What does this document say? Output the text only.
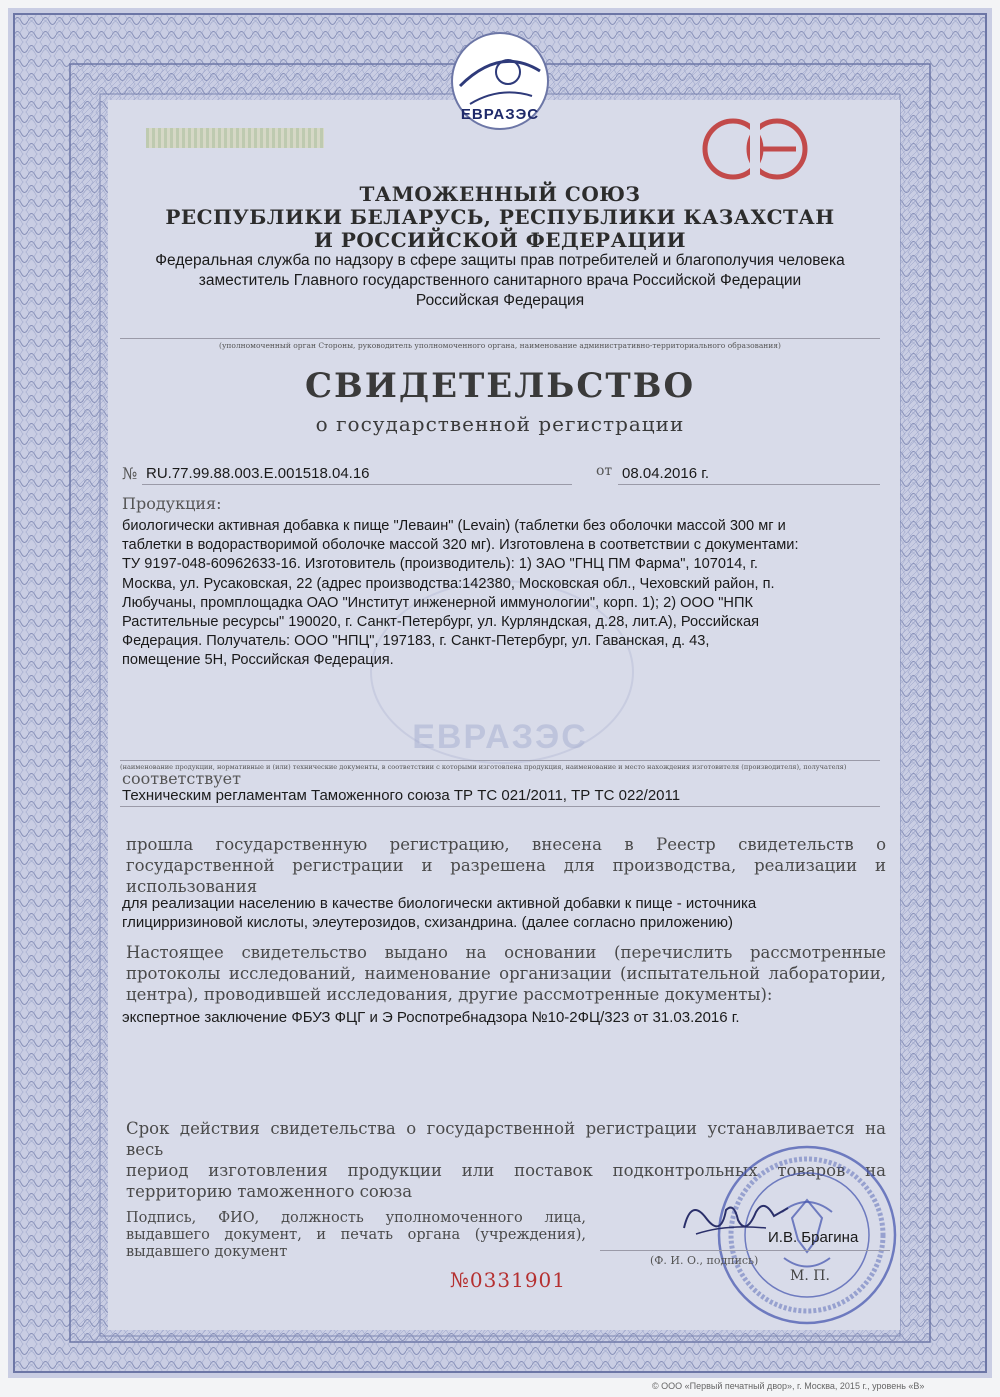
ЕВРАЗЭС
ТАМОЖЕННЫЙ СОЮЗ
РЕСПУБЛИКИ БЕЛАРУСЬ, РЕСПУБЛИКИ КАЗАХСТАН
И РОССИЙСКОЙ ФЕДЕРАЦИИ
Федеральная служба по надзору в сфере защиты прав потребителей и благополучия человека
заместитель Главного государственного санитарного врача Российской Федерации
Российская Федерация
(уполномоченный орган Стороны, руководитель уполномоченного органа, наименование административно-территориального образования)
СВИДЕТЕЛЬСТВО
о государственной регистрации
№ RU.77.99.88.003.Е.001518.04.16	от 08.04.2016 г.
ЕВРАЗЭС
Продукция:
биологически активная добавка к пище "Леваин" (Levain) (таблетки без оболочки массой 300 мг и
таблетки в водорастворимой оболочке массой 320 мг). Изготовлена в соответствии с документами:
ТУ 9197-048-60962633-16. Изготовитель (производитель): 1) ЗАО "ГНЦ ПМ Фарма", 107014, г.
Москва, ул. Русаковская, 22 (адрес производства:142380, Московская обл., Чеховский район, п.
Любучаны, промплощадка ОАО "Институт инженерной иммунологии", корп. 1); 2) ООО "НПК
Растительные ресурсы" 190020, г. Санкт-Петербург, ул. Курляндская, д.28, лит.А), Российская
Федерация. Получатель: ООО "НПЦ", 197183, г. Санкт-Петербург, ул. Гаванская, д. 43,
помещение 5Н, Российская Федерация.
(наименование продукции, нормативные и (или) технические документы, в соответствии с которыми изготовлена продукция, наименование и место нахождения изготовителя (производителя), получателя)
соответствует
Техническим регламентам Таможенного союза ТР ТС 021/2011, ТР ТС 022/2011
прошла государственную регистрацию, внесена в Реестр свидетельств о
государственной регистрации и разрешена для производства, реализации и
использования
для реализации населению в качестве биологически активной добавки к пище - источника
глицирризиновой кислоты, элеутерозидов, схизандрина. (далее согласно приложению)
Настоящее свидетельство выдано на основании (перечислить рассмотренные
протоколы исследований, наименование организации (испытательной лаборатории,
центра), проводившей исследования, другие рассмотренные документы):
экспертное заключение ФБУЗ ФЦГ и Э Роспотребнадзора №10-2ФЦ/323 от 31.03.2016 г.
Срок действия свидетельства о государственной регистрации устанавливается на весь
период изготовления продукции или поставок подконтрольных товаров на
территорию таможенного союза
Подпись, ФИО, должность уполномоченного лица,
выдавшего документ, и печать органа (учреждения),
выдавшего документ
И.В. Брагина
(Ф. И. О., подпись)
М. П.
№0331901
© ООО «Первый печатный двор», г. Москва, 2015 г., уровень «В»
